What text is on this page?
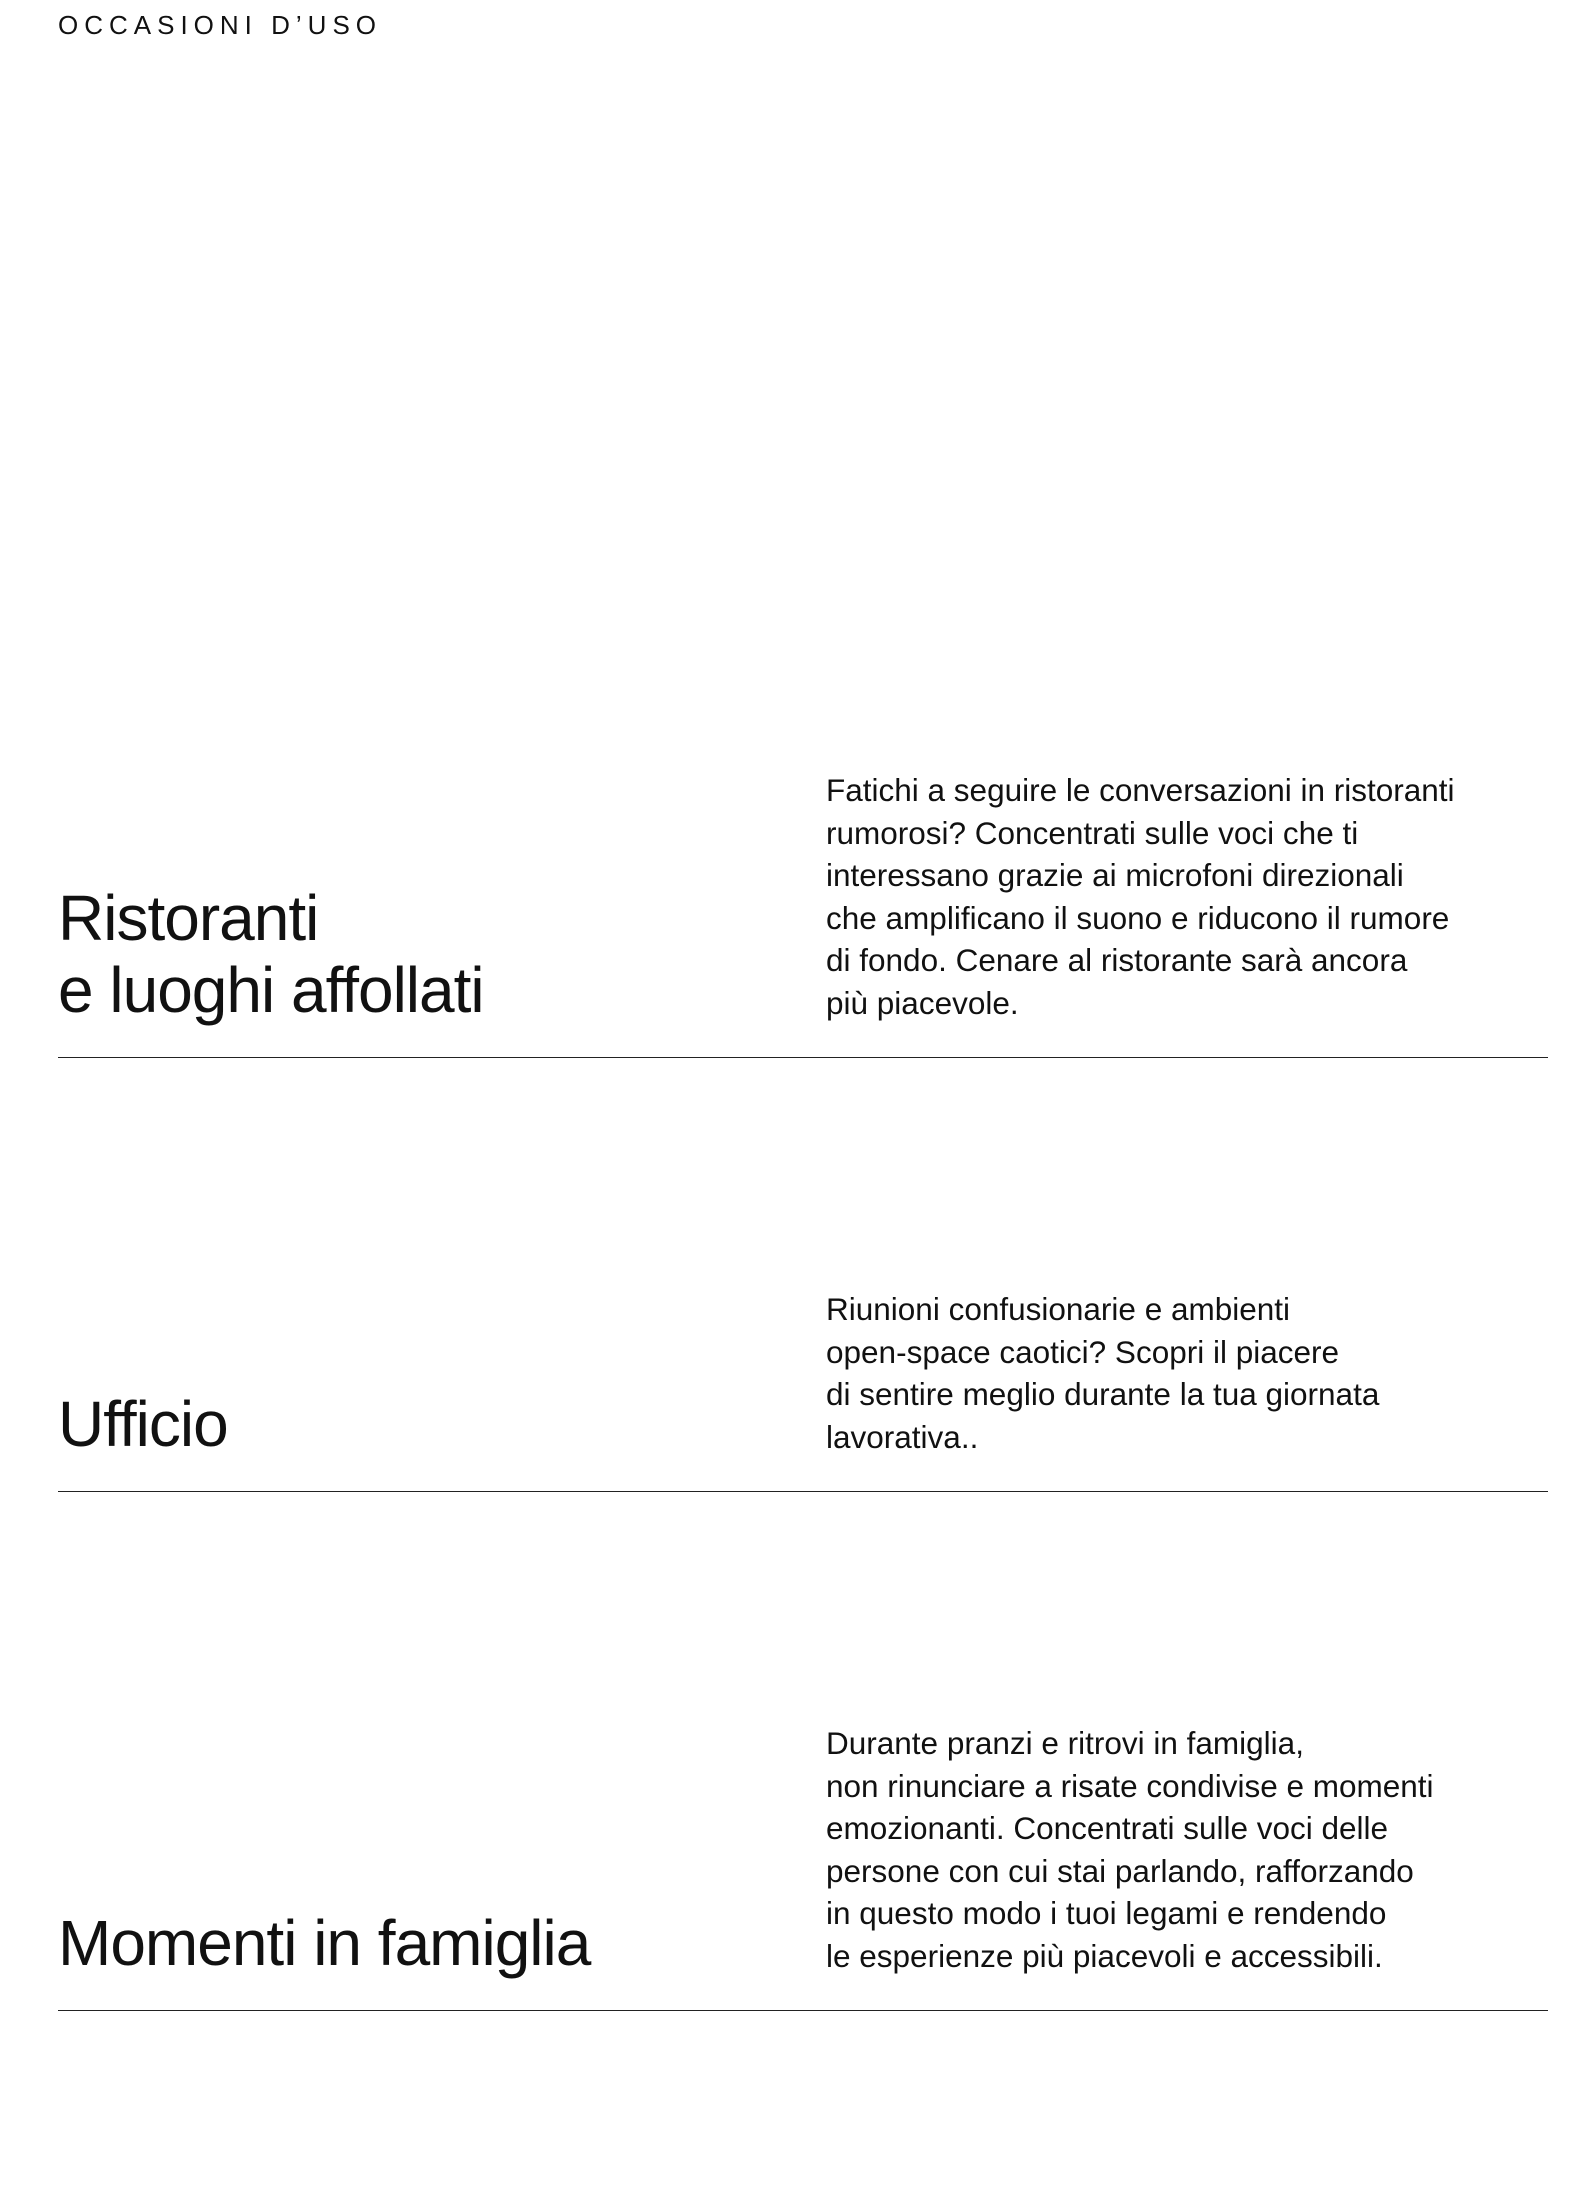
OCCASIONI D’USO
Ristoranti
e luoghi affollati

Fatichi a seguire le conversazioni in ristoranti
rumorosi? Concentrati sulle voci che ti
interessano grazie ai microfoni direzionali
che amplificano il suono e riducono il rumore
di fondo. Cenare al ristorante sarà ancora
più piacevole.

Ufficio

Riunioni confusionarie e ambienti
open-space caotici? Scopri il piacere
di sentire meglio durante la tua giornata
lavorativa..

Momenti in famiglia

Durante pranzi e ritrovi in famiglia,
non rinunciare a risate condivise e momenti
emozionanti. Concentrati sulle voci delle
persone con cui stai parlando, rafforzando
in questo modo i tuoi legami e rendendo
le esperienze più piacevoli e accessibili.
